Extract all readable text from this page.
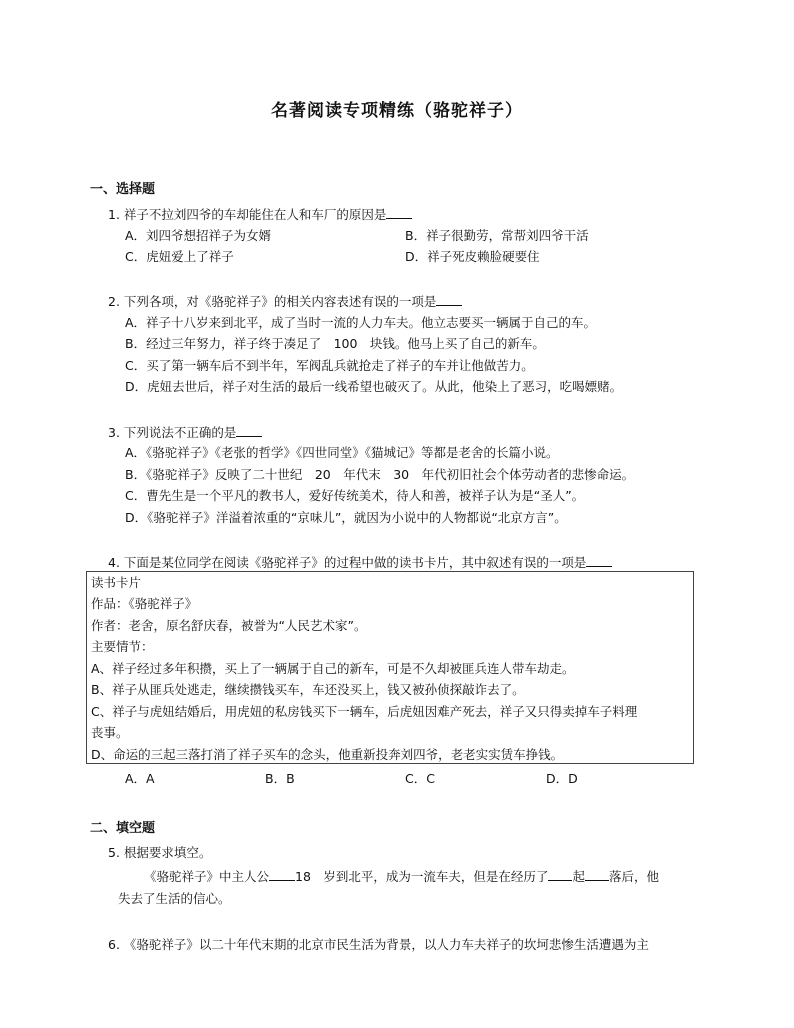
名著阅读专项精练（骆驼祥子）
一、选择题
1. 祥子不拉刘四爷的车却能住在人和车厂的原因是
A．刘四爷想招祥子为女婿	B．祥子很勤劳，常帮刘四爷干活
C．虎妞爱上了祥子	D．祥子死皮赖脸硬要住
2. 下列各项，对《骆驼祥子》的相关内容表述有误的一项是
A．祥子十八岁来到北平，成了当时一流的人力车夫。他立志要买一辆属于自己的车。
B．经过三年努力，祥子终于凑足了　100　块钱。他马上买了自己的新车。
C．买了第一辆车后不到半年，军阀乱兵就抢走了祥子的车并让他做苦力。
D．虎妞去世后，祥子对生活的最后一线希望也破灭了。从此，他染上了恶习，吃喝嫖赌。
3. 下列说法不正确的是
A．《骆驼祥子》《老张的哲学》《四世同堂》《猫城记》等都是老舍的长篇小说。
B．《骆驼祥子》反映了二十世纪　20　年代末　30　年代初旧社会个体劳动者的悲惨命运。
C．曹先生是一个平凡的教书人，爱好传统美术，待人和善，被祥子认为是“圣人”。
D．《骆驼祥子》洋溢着浓重的“京味儿”，就因为小说中的人物都说“北京方言”。
4. 下面是某位同学在阅读《骆驼祥子》的过程中做的读书卡片，其中叙述有误的一项是
读书卡片
作品：《骆驼祥子》
作者：老舍，原名舒庆春，被誉为“人民艺术家”。
主要情节：
A、祥子经过多年积攒，买上了一辆属于自己的新车，可是不久却被匪兵连人带车劫走。
B、祥子从匪兵处逃走，继续攒钱买车，车还没买上，钱又被孙侦探敲诈去了。
C、祥子与虎妞结婚后，用虎妞的私房钱买下一辆车，后虎妞因难产死去，祥子又只得卖掉车子料理
丧事。
D、命运的三起三落打消了祥子买车的念头，他重新投奔刘四爷，老老实实赁车挣钱。
A．A	B．B	C．C	D．D
二、填空题
5. 根据要求填空。
《骆驼祥子》中主人公 18　岁到北平，成为一流车夫，但是在经历了 起 落后，他
失去了生活的信心。
6. 《骆驼祥子》以二十年代末期的北京市民生活为背景，以人力车夫祥子的坎坷悲惨生活遭遇为主
